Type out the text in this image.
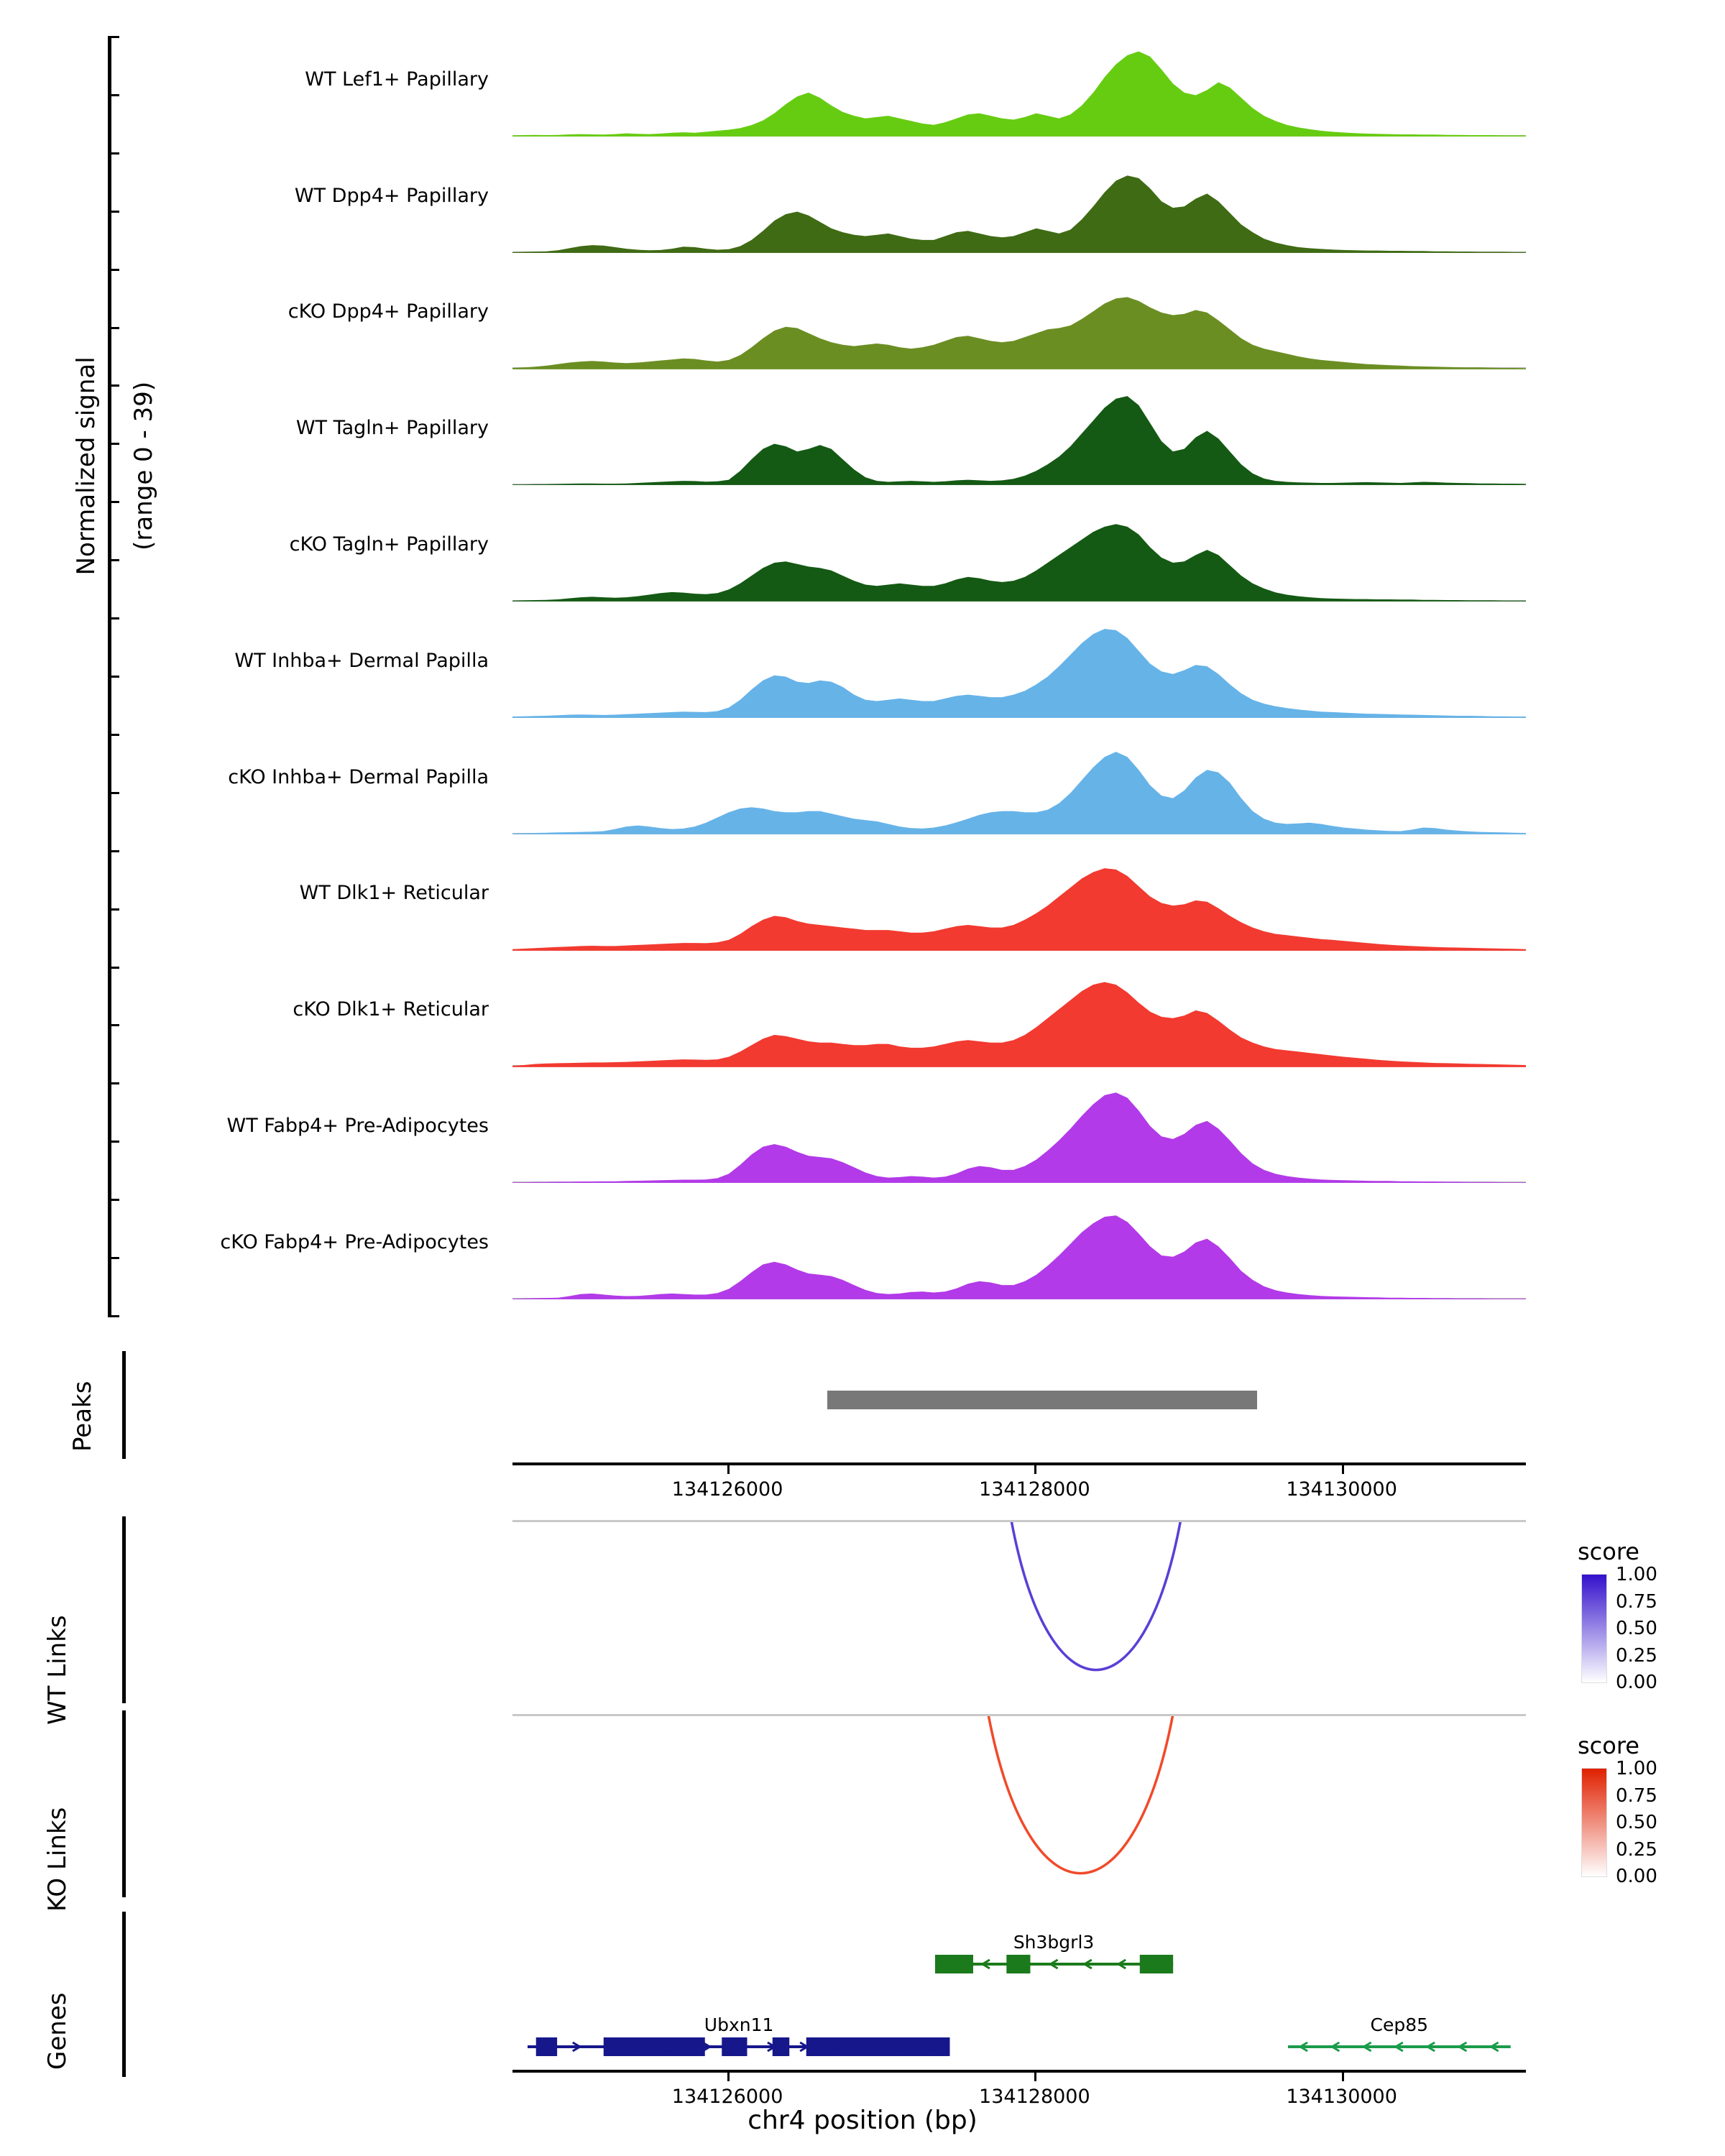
Normalized signal (range 0 - 39)

WT Lef1+ Papillary
WT Dpp4+ Papillary
cKO Dpp4+ Papillary
WT Tagln+ Papillary
cKO Tagln+ Papillary
WT Inhba+ Dermal Papilla
cKO Inhba+ Dermal Papilla
WT Dlk1+ Reticular
cKO Dlk1+ Reticular
WT Fabp4+ Pre-Adipocytes
cKO Fabp4+ Pre-Adipocytes
Peaks
134126000	134128000	134130000
WT Links
KO Links
score
1.00
0.75
0.50
0.25
0.00
score
1.00
0.75
0.50
0.25
0.00
Genes
Sh3bgrl3
Ubxn11	Cep85
134126000	134128000	134130000
chr4 position (bp)
